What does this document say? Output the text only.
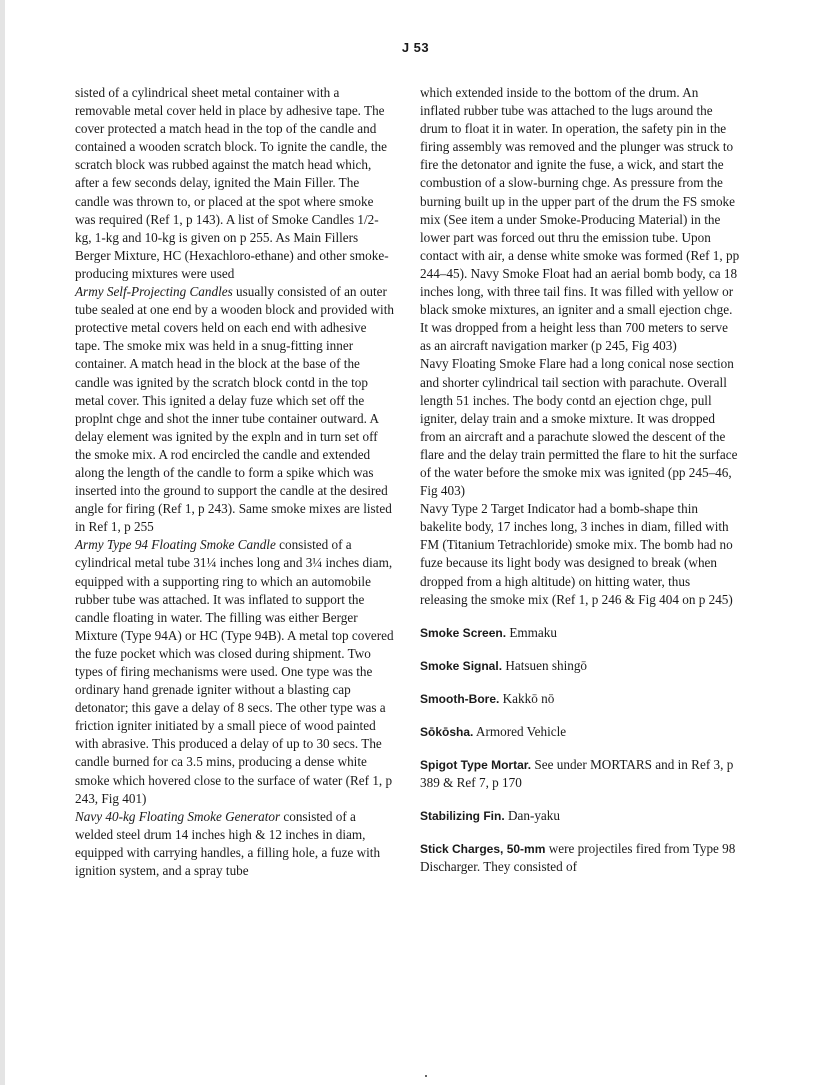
J 53

sisted of a cylindrical sheet metal container with a removable metal cover held in place by adhesive tape. The cover protected a match head in the top of the candle and contained a wooden scratch block. To ignite the candle, the scratch block was rubbed against the match head which, after a few seconds delay, ignited the Main Filler. The candle was thrown to, or placed at the spot where smoke was required (Ref 1, p 143). A list of Smoke Candles 1/2-kg, 1-kg and 10-kg is given on p 255. As Main Fillers Berger Mixture, HC (Hexachloro-ethane) and other smoke-producing mixtures were used

Army Self-Projecting Candles usually consisted of an outer tube sealed at one end by a wooden block and provided with protective metal covers held on each end with adhesive tape. The smoke mix was held in a snug-fitting inner container. A match head in the block at the base of the candle was ignited by the scratch block contd in the top metal cover. This ignited a delay fuze which set off the proplnt chge and shot the inner tube container outward. A delay element was ignited by the expln and in turn set off the smoke mix. A rod encircled the candle and extended along the length of the candle to form a spike which was inserted into the ground to support the candle at the desired angle for firing (Ref 1, p 243). Same smoke mixes are listed in Ref 1, p 255

Army Type 94 Floating Smoke Candle consisted of a cylindrical metal tube 31¼ inches long and 3¼ inches diam, equipped with a supporting ring to which an automobile rubber tube was attached. It was inflated to support the candle floating in water. The filling was either Berger Mixture (Type 94A) or HC (Type 94B). A metal top covered the fuze pocket which was closed during shipment. Two types of firing mechanisms were used. One type was the ordinary hand grenade igniter without a blasting cap detonator; this gave a delay of 8 secs. The other type was a friction igniter initiated by a small piece of wood painted with abrasive. This produced a delay of up to 30 secs. The candle burned for ca 3.5 mins, producing a dense white smoke which hovered close to the surface of water (Ref 1, p 243, Fig 401)

Navy 40-kg Floating Smoke Generator consisted of a welded steel drum 14 inches high & 12 inches in diam, equipped with carrying handles, a filling hole, a fuze with ignition system, and a spray tube

which extended inside to the bottom of the drum. An inflated rubber tube was attached to the lugs around the drum to float it in water. In operation, the safety pin in the firing assembly was removed and the plunger was struck to fire the detonator and ignite the fuse, a wick, and start the combustion of a slow-burning chge. As pressure from the burning built up in the upper part of the drum the FS smoke mix (See item a under Smoke-Producing Material) in the lower part was forced out thru the emission tube. Upon contact with air, a dense white smoke was formed (Ref 1, pp 244–45). Navy Smoke Float had an aerial bomb body, ca 18 inches long, with three tail fins. It was filled with yellow or black smoke mixtures, an igniter and a small ejection chge. It was dropped from a height less than 700 meters to serve as an aircraft navigation marker (p 245, Fig 403)

Navy Floating Smoke Flare had a long conical nose section and shorter cylindrical tail section with parachute. Overall length 51 inches. The body contd an ejection chge, pull igniter, delay train and a smoke mixture. It was dropped from an aircraft and a parachute slowed the descent of the flare and the delay train permitted the flare to hit the surface of the water before the smoke mix was ignited (pp 245–46, Fig 403)

Navy Type 2 Target Indicator had a bomb-shape thin bakelite body, 17 inches long, 3 inches in diam, filled with FM (Titanium Tetrachloride) smoke mix. The bomb had no fuze because its light body was designed to break (when dropped from a high altitude) on hitting water, thus releasing the smoke mix (Ref 1, p 246 & Fig 404 on p 245)

Smoke Screen. Emmaku

Smoke Signal. Hatsuen shingō

Smooth-Bore. Kakkō nō

Sōkōsha. Armored Vehicle

Spigot Type Mortar. See under MORTARS and in Ref 3, p 389 & Ref 7, p 170

Stabilizing Fin. Dan-yaku

Stick Charges, 50-mm were projectiles fired from Type 98 Discharger. They consisted of
